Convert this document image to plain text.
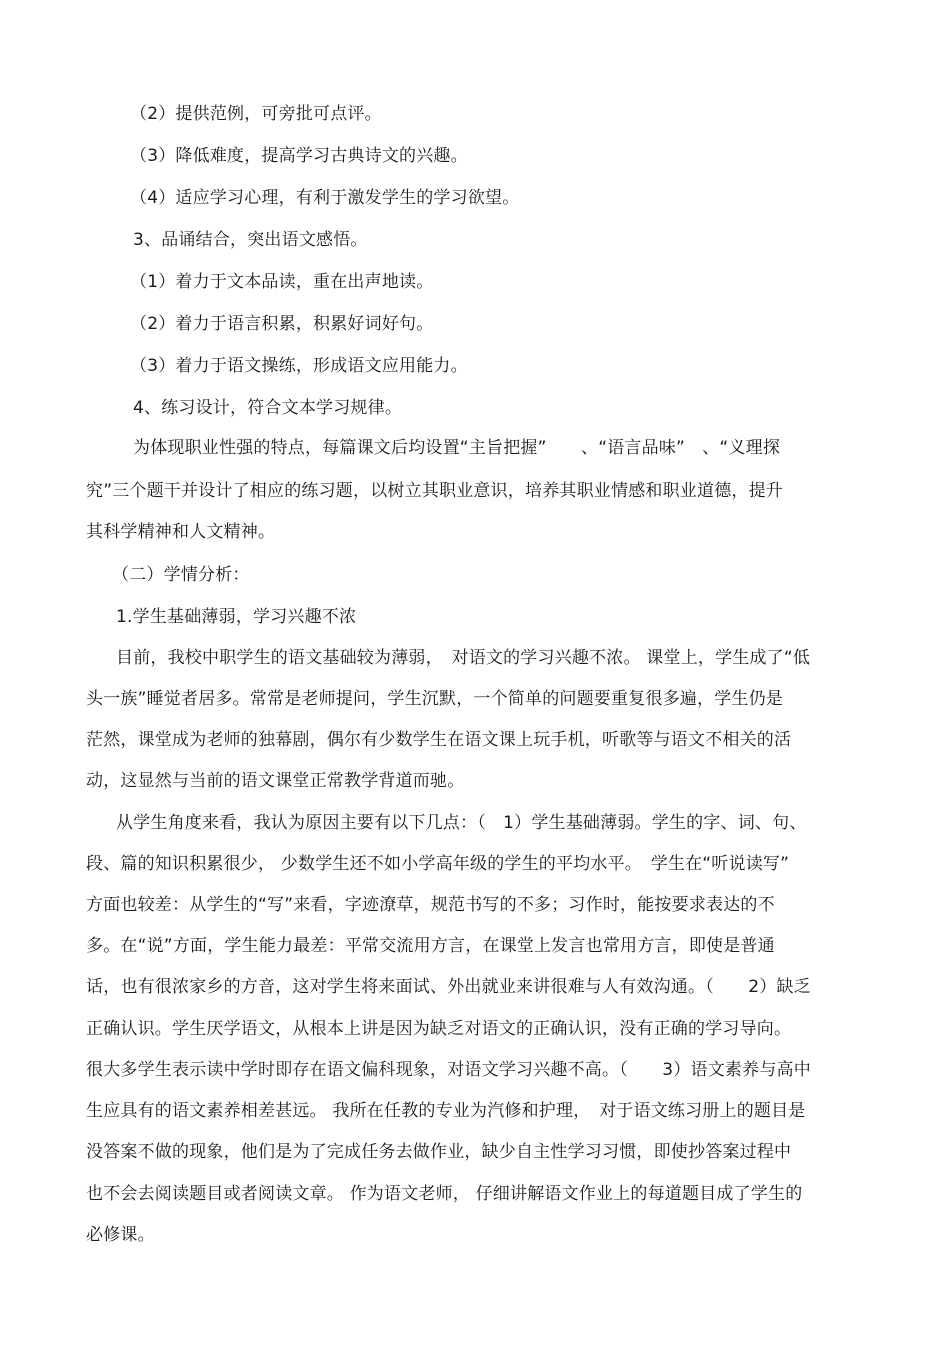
（2）提供范例，可旁批可点评。
（3）降低难度，提高学习古典诗文的兴趣。
（4）适应学习心理，有利于激发学生的学习欲望。
3、品诵结合，突出语文感悟。
（1）着力于文本品读，重在出声地读。
（2）着力于语言积累，积累好词好句。
（3）着力于语文操练，形成语文应用能力。
4、练习设计，符合文本学习规律。
为体现职业性强的特点，每篇课文后均设置“主旨把握”　　、“语言品味”　、“义理探
究”三个题干并设计了相应的练习题，以树立其职业意识，培养其职业情感和职业道德，提升
其科学精神和人文精神。
（二）学情分析：
1.学生基础薄弱，学习兴趣不浓
目前，我校中职学生的语文基础较为薄弱，　对语文的学习兴趣不浓。 课堂上，学生成了“低
头一族”睡觉者居多。常常是老师提问，学生沉默，一个简单的问题要重复很多遍，学生仍是
茫然，课堂成为老师的独幕剧，偶尔有少数学生在语文课上玩手机，听歌等与语文不相关的活
动，这显然与当前的语文课堂正常教学背道而驰。
从学生角度来看，我认为原因主要有以下几点：（　1）学生基础薄弱。学生的字、词、句、
段、篇的知识积累很少， 少数学生还不如小学高年级的学生的平均水平。　学生在“听说读写”
方面也较差：从学生的“写”来看，字迹潦草，规范书写的不多；习作时，能按要求表达的不
多。在“说”方面，学生能力最差：平常交流用方言，在课堂上发言也常用方言，即使是普通
话，也有很浓家乡的方音，这对学生将来面试、外出就业来讲很难与人有效沟通。（　　2）缺乏
正确认识。学生厌学语文，从根本上讲是因为缺乏对语文的正确认识，没有正确的学习导向。
很大多学生表示读中学时即存在语文偏科现象，对语文学习兴趣不高。（　　3）语文素养与高中
生应具有的语文素养相差甚远。 我所在任教的专业为汽修和护理，　对于语文练习册上的题目是
没答案不做的现象，他们是为了完成任务去做作业，缺少自主性学习习惯，即使抄答案过程中
也不会去阅读题目或者阅读文章。 作为语文老师， 仔细讲解语文作业上的每道题目成了学生的
必修课。
